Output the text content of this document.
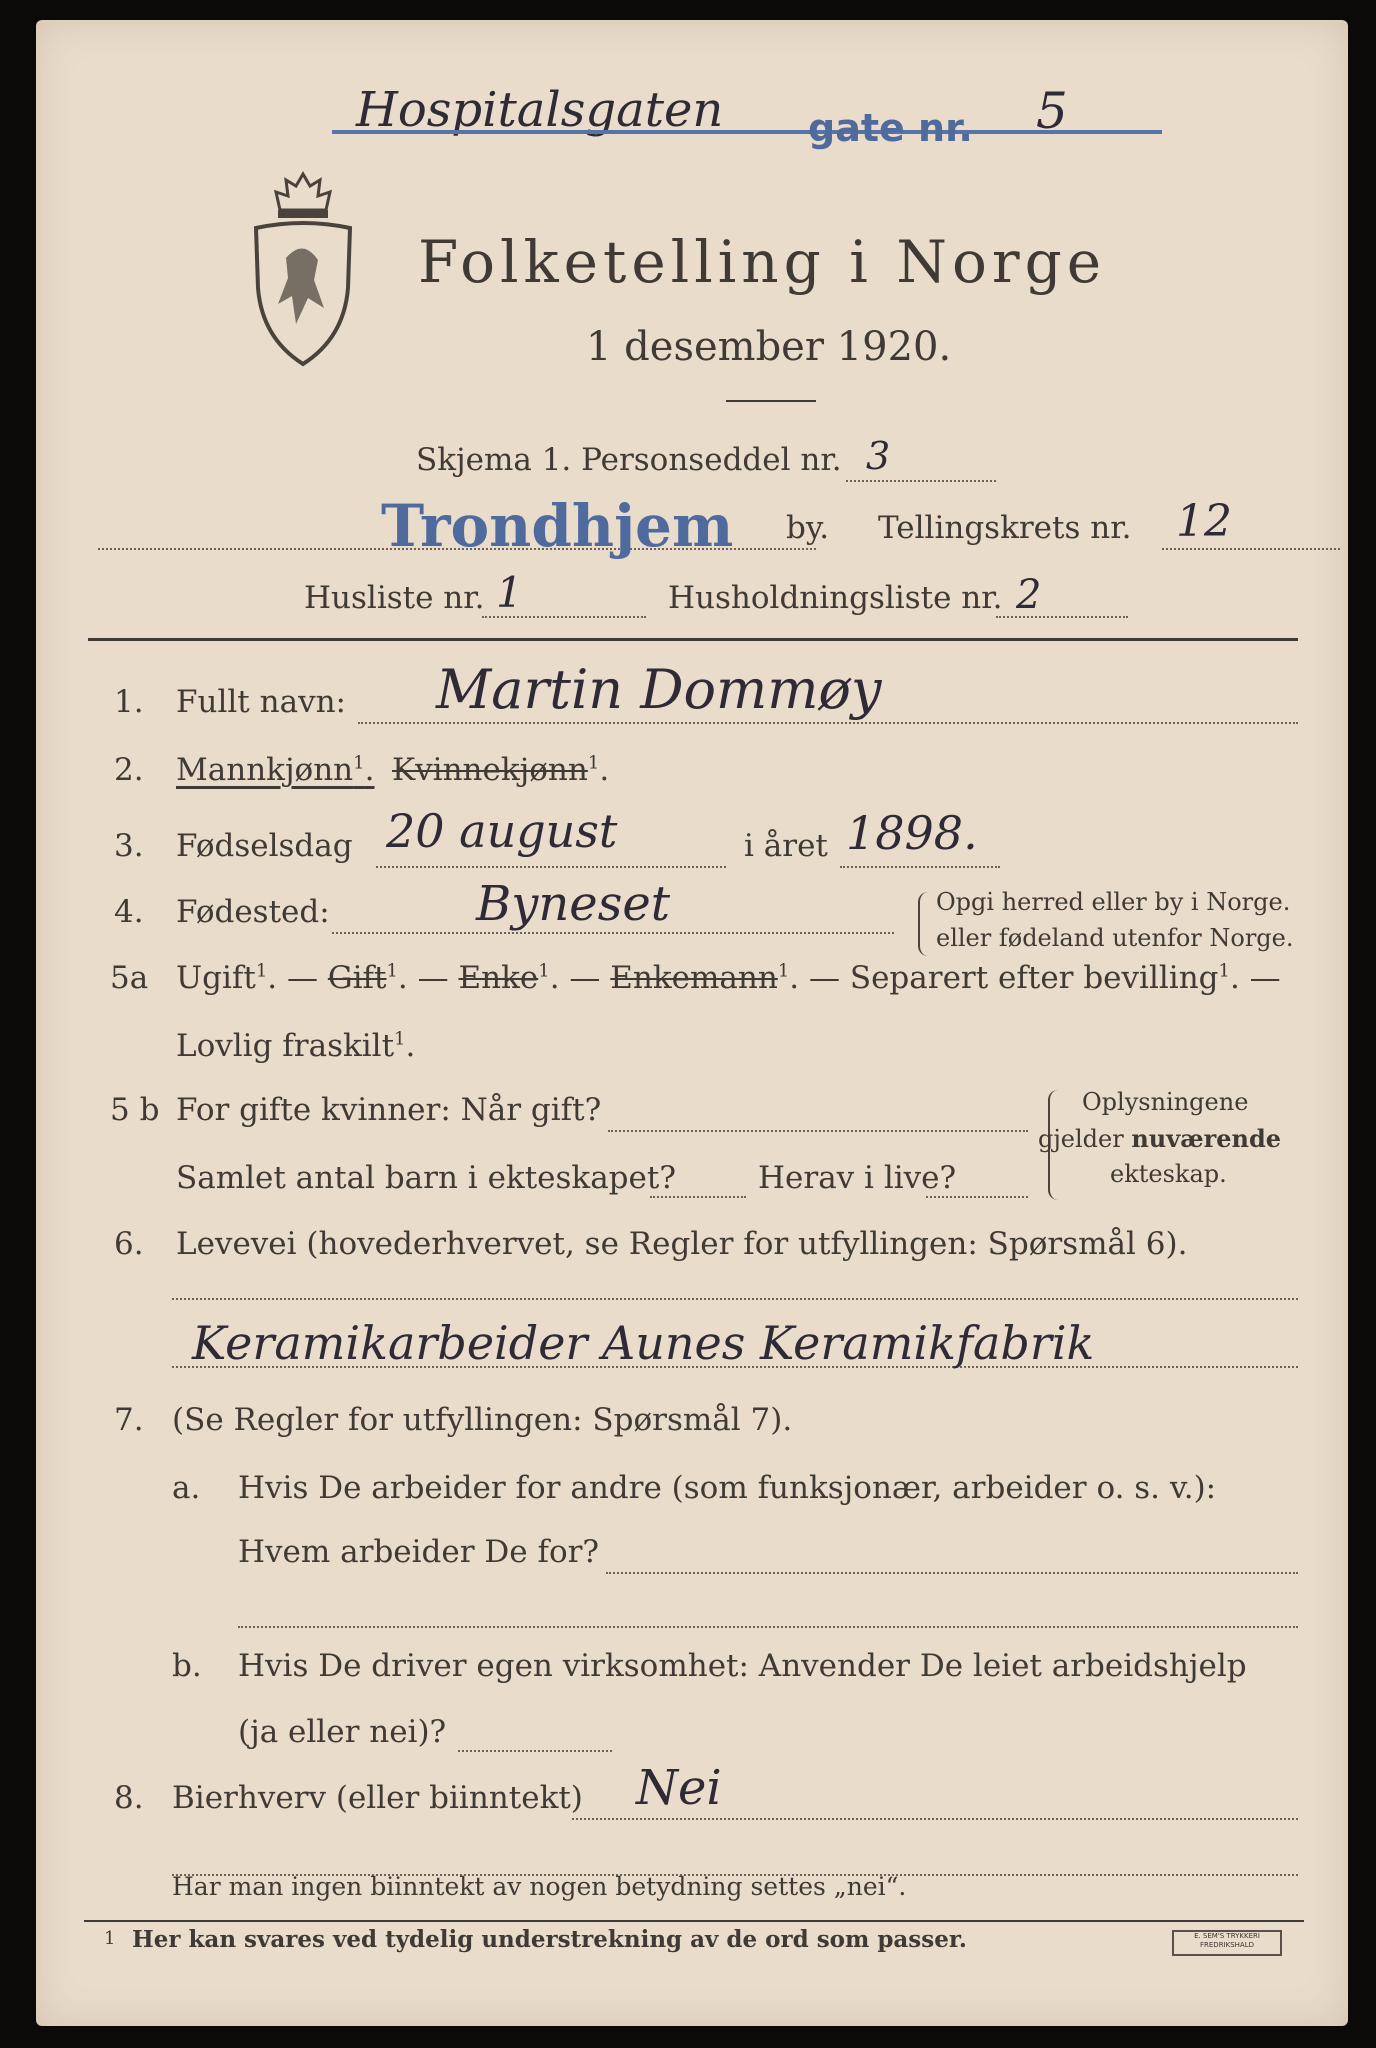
Hospitalsgaten gate nr. 5
Folketelling i Norge
1 desember 1920.
Skjema 1. Personseddel nr. 3
Trondhjem by. Tellingskrets nr. 12
Husliste nr. 1	Husholdningsliste nr. 2
1. Fullt navn: Martin Dommøy
2. Mannkjønn$^1$. Kvinnekjønn$^1$.
3. Fødselsdag 20 august	i året 1898.
4. Fødested:	Byneset	Opgi herred eller by i Norge.
eller fødeland utenfor Norge.
5a Ugift$^1$. — Gift$^1$. — Enke$^1$. — Enkemann$^1$. — Separert efter bevilling$^1$. —
Lovlig fraskilt$^1$.
5 b For gifte kvinner: Når gift?
Samlet antal barn i ekteskapet?	Herav i live?
Oplysningene
gjelder nuværende
ekteskap.
6. Levevei (hovederhvervet, se Regler for utfyllingen: Spørsmål 6).
Keramikarbeider Aunes Keramikfabrik
7. (Se Regler for utfyllingen: Spørsmål 7).
a. Hvis De arbeider for andre (som funksjonær, arbeider o. s. v.):
Hvem arbeider De for?
b. Hvis De driver egen virksomhet: Anvender De leiet arbeidshjelp
(ja eller nei)?
8. Bierhverv (eller biinntekt) Nei
Har man ingen biinntekt av nogen betydning settes „nei“.
1 Her kan svares ved tydelig understrekning av de ord som passer.	E. SEM'S TRYKKERI FREDRIKSHALD
